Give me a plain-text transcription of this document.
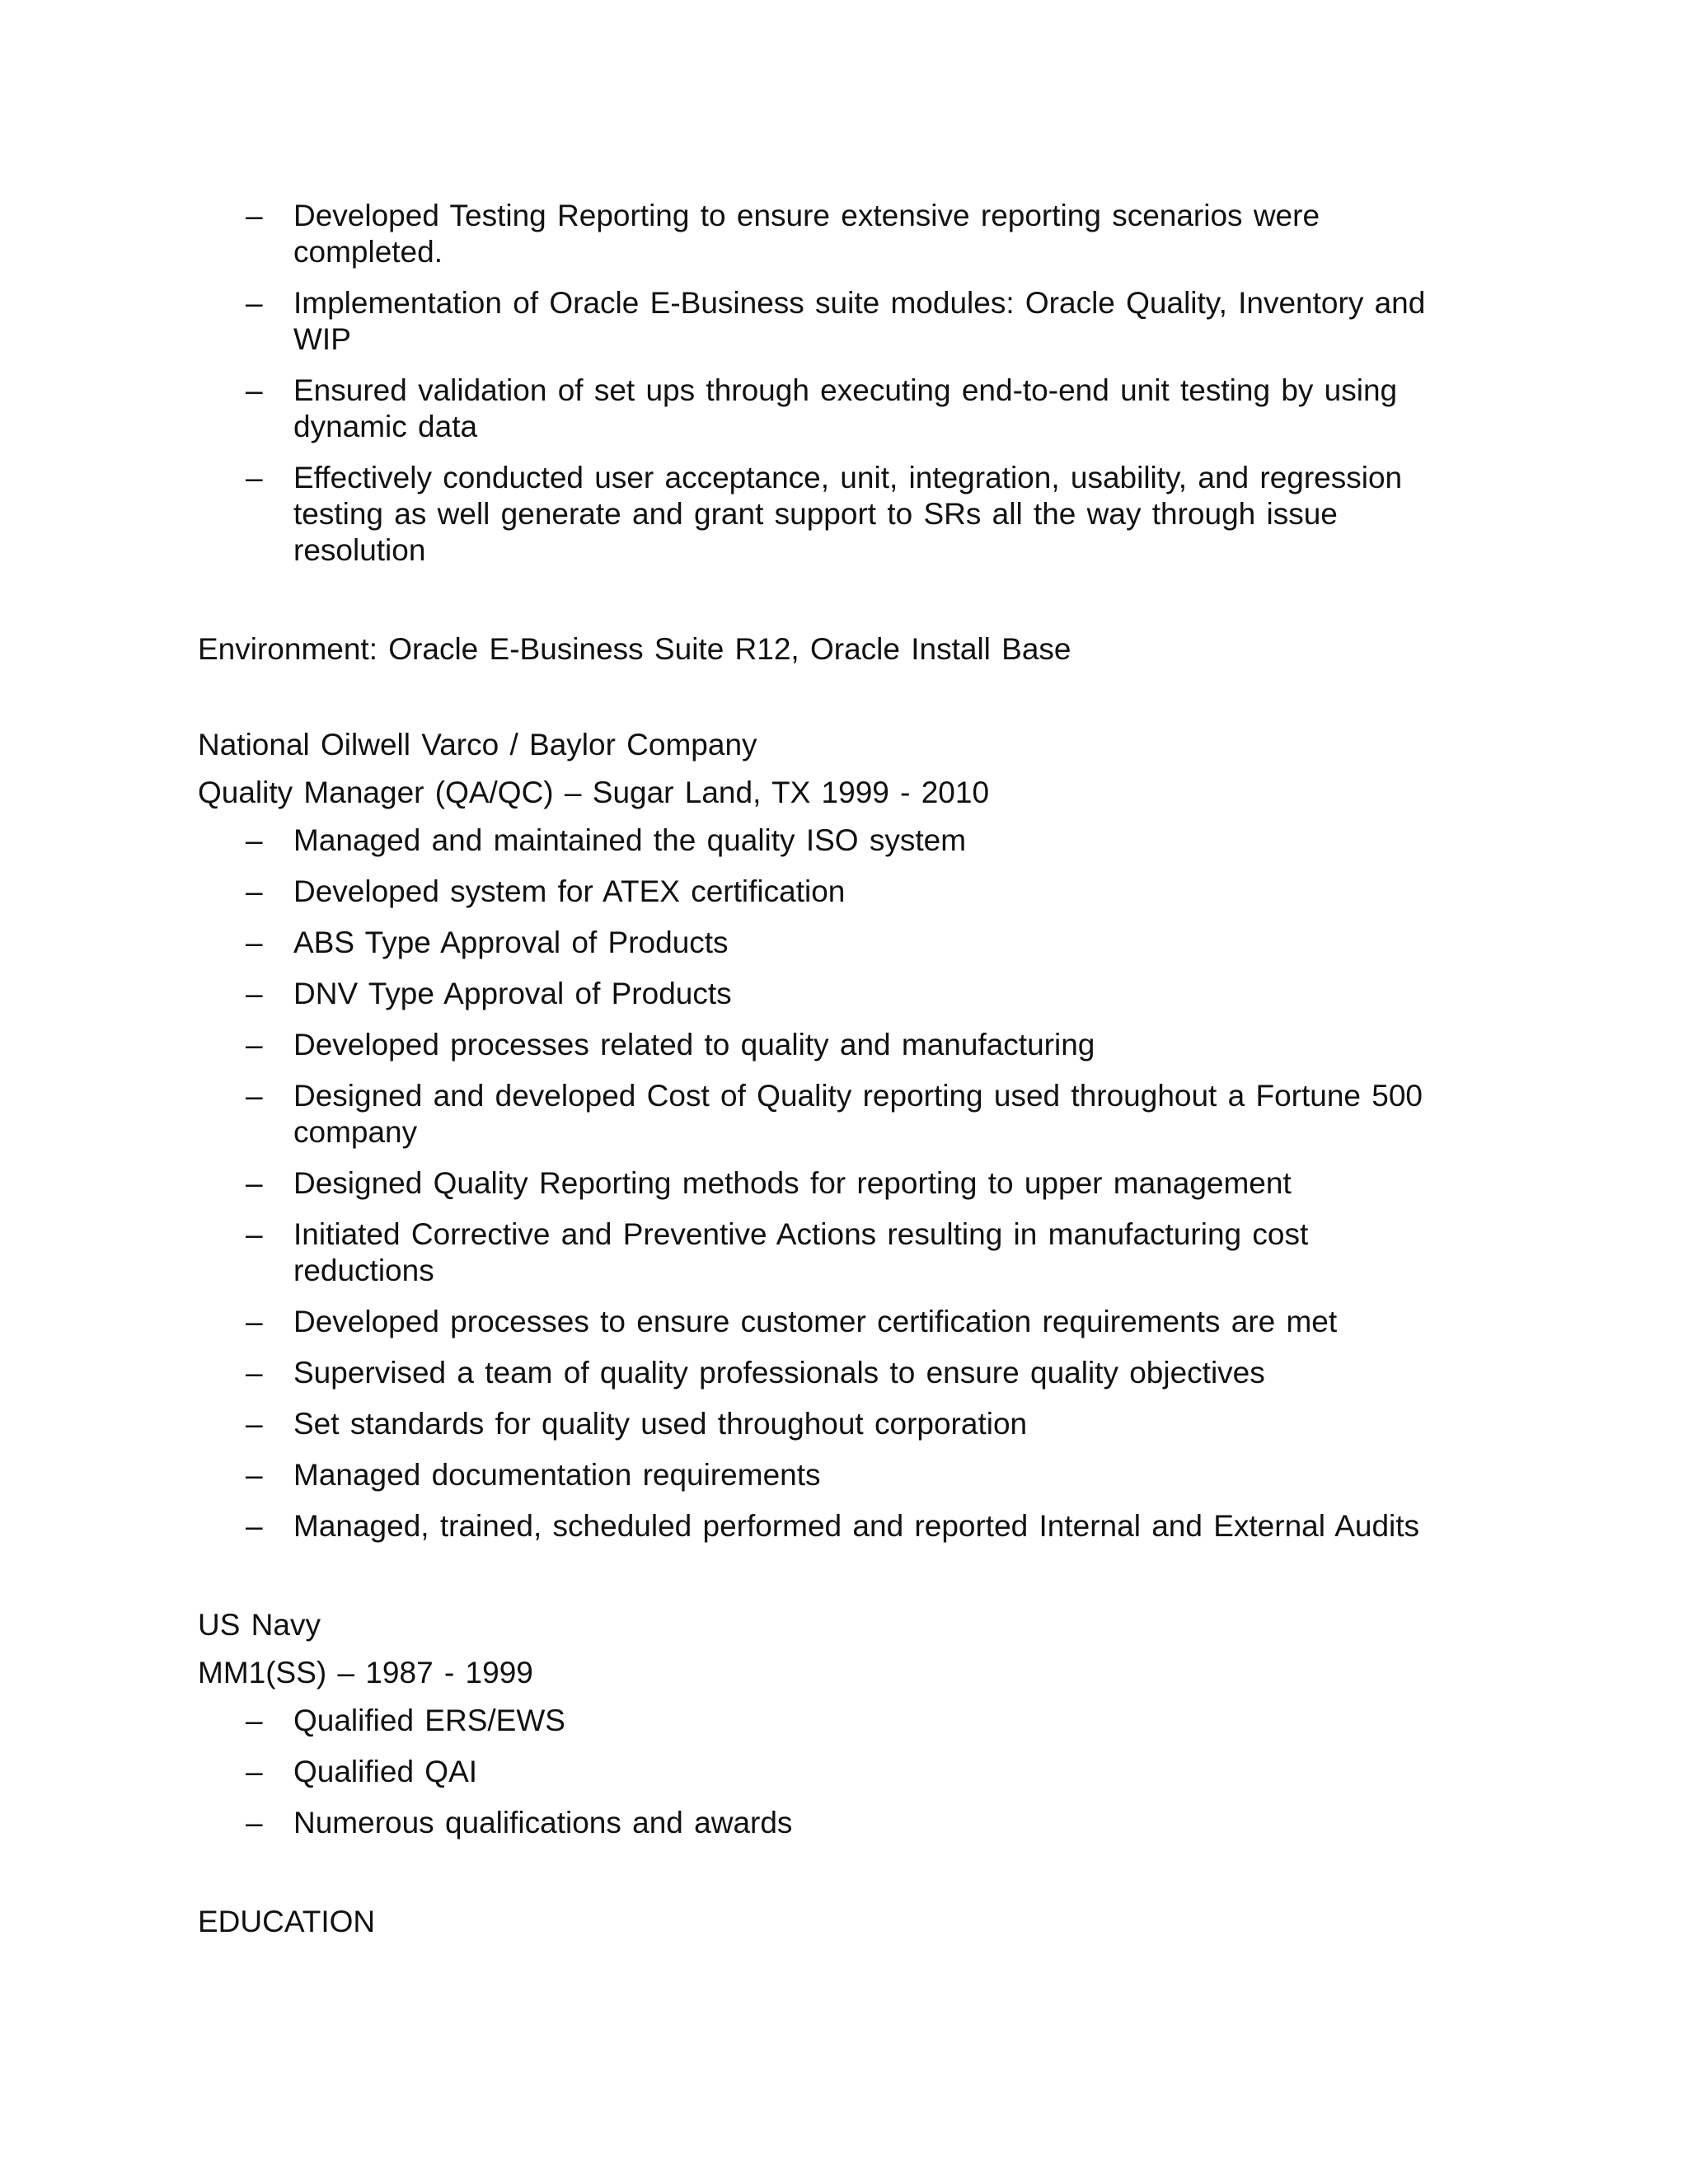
–	Developed Testing Reporting to ensure extensive reporting scenarios were completed.
–	Implementation of Oracle E-Business suite modules: Oracle Quality, Inventory and WIP
–	Ensured validation of set ups through executing end-to-end unit testing by using dynamic data
–	Effectively conducted user acceptance, unit, integration, usability, and regression testing as well generate and grant support to SRs all the way through issue resolution

Environment: Oracle E-Business Suite R12, Oracle Install Base

National Oilwell Varco / Baylor Company

Quality Manager (QA/QC) – Sugar Land, TX 1999 - 2010

–	Managed and maintained the quality ISO system
–	Developed system for ATEX certification
–	ABS Type Approval of Products
–	DNV Type Approval of Products
–	Developed processes related to quality and manufacturing
–	Designed and developed Cost of Quality reporting used throughout a Fortune 500 company
–	Designed Quality Reporting methods for reporting to upper management
–	Initiated Corrective and Preventive Actions resulting in manufacturing cost reductions
–	Developed processes to ensure customer certification requirements are met
–	Supervised a team of quality professionals to ensure quality objectives
–	Set standards for quality used throughout corporation
–	Managed documentation requirements
–	Managed, trained, scheduled performed and reported Internal and External Audits

US Navy

MM1(SS) – 1987 - 1999

–	Qualified ERS/EWS
–	Qualified QAI
–	Numerous qualifications and awards

EDUCATION
